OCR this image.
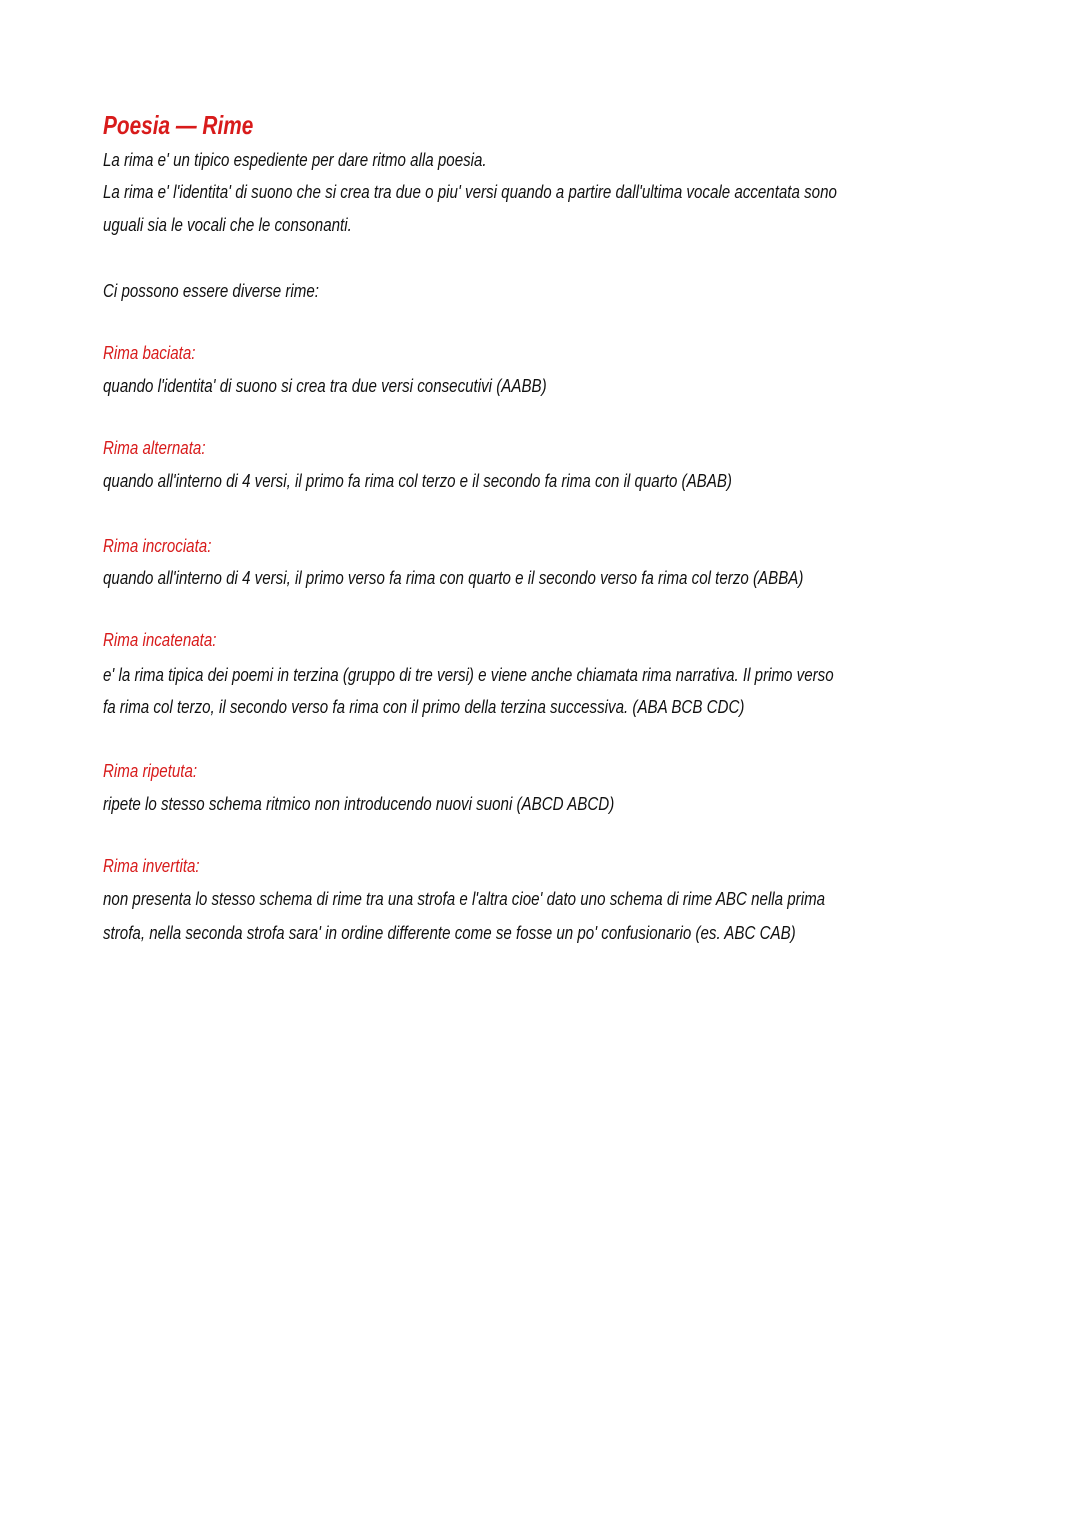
Poesia — Rime
La rima e' un tipico espediente per dare ritmo alla poesia.
La rima e' l'identita' di suono che si crea tra due o piu' versi quando a partire dall'ultima vocale accentata sono
uguali sia le vocali che le consonanti.
Ci possono essere diverse rime:
Rima baciata:
quando l'identita' di suono si crea tra due versi consecutivi (AABB)
Rima alternata:
quando all'interno di 4 versi, il primo fa rima col terzo e il secondo fa rima con il quarto (ABAB)
Rima incrociata:
quando all'interno di 4 versi, il primo verso fa rima con quarto e il secondo verso fa rima col terzo (ABBA)
Rima incatenata:
e' la rima tipica dei poemi in terzina (gruppo di tre versi) e viene anche chiamata rima narrativa. Il primo verso
fa rima col terzo, il secondo verso fa rima con il primo della terzina successiva. (ABA BCB CDC)
Rima ripetuta:
ripete lo stesso schema ritmico non introducendo nuovi suoni (ABCD ABCD)
Rima invertita:
non presenta lo stesso schema di rime tra una strofa e l'altra cioe' dato uno schema di rime ABC nella prima
strofa, nella seconda strofa sara' in ordine differente come se fosse un po' confusionario (es. ABC CAB)
